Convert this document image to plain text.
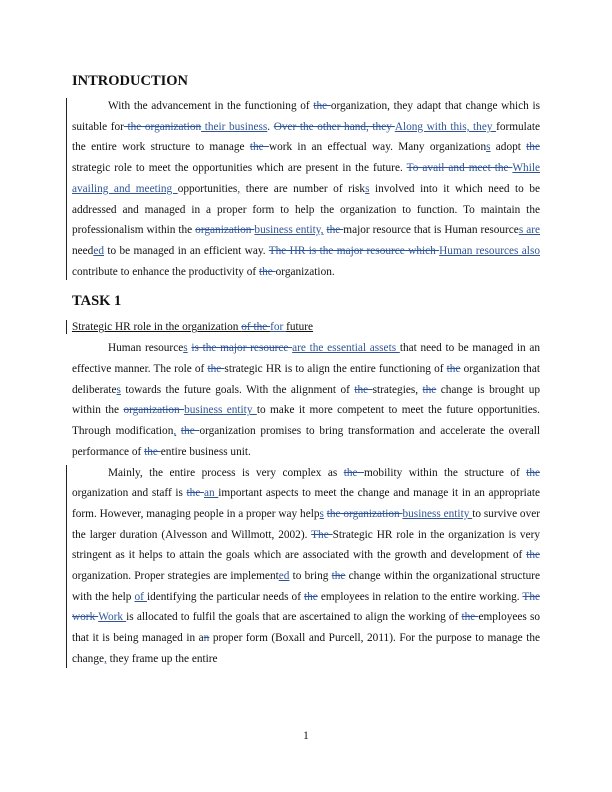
INTRODUCTION

With the advancement in the functioning of the organization, they adapt that change which is suitable for the organization their business. Over the other hand, they Along with this, they formulate the entire work structure to manage the work in an effectual way. Many organizations adopt the strategic role to meet the opportunities which are present in the future. To avail and meet the While availing and meeting opportunities, there are number of risks involved into it which need to be addressed and managed in a proper form to help the organization to function. To maintain the professionalism within the organization business entity, the major resource that is Human resources are needed to be managed in an efficient way. The HR is the major resource which Human resources also contribute to enhance the productivity of the organization.

TASK 1
Strategic HR role in the organization of the for future

Human resources is the major resource are the essential assets that need to be managed in an effective manner. The role of the strategic HR is to align the entire functioning of the organization that deliberates towards the future goals. With the alignment of the strategies, the change is brought up within the organization business entity to make it more competent to meet the future opportunities. Through modification, the organization promises to bring transformation and accelerate the overall performance of the entire business unit.

Mainly, the entire process is very complex as the mobility within the structure of the organization and staff is the an important aspects to meet the change and manage it in an appropriate form. However, managing people in a proper way helps the organization business entity to survive over the larger duration (Alvesson and Willmott, 2002). The Strategic HR role in the organization is very stringent as it helps to attain the goals which are associated with the growth and development of the organization. Proper strategies are implemented to bring the change within the organizational structure with the help of identifying the particular needs of the employees in relation to the entire working. The work Work is allocated to fulfil the goals that are ascertained to align the working of the employees so that it is being managed in an proper form (Boxall and Purcell, 2011). For the purpose to manage the change, they frame up the entire

1
